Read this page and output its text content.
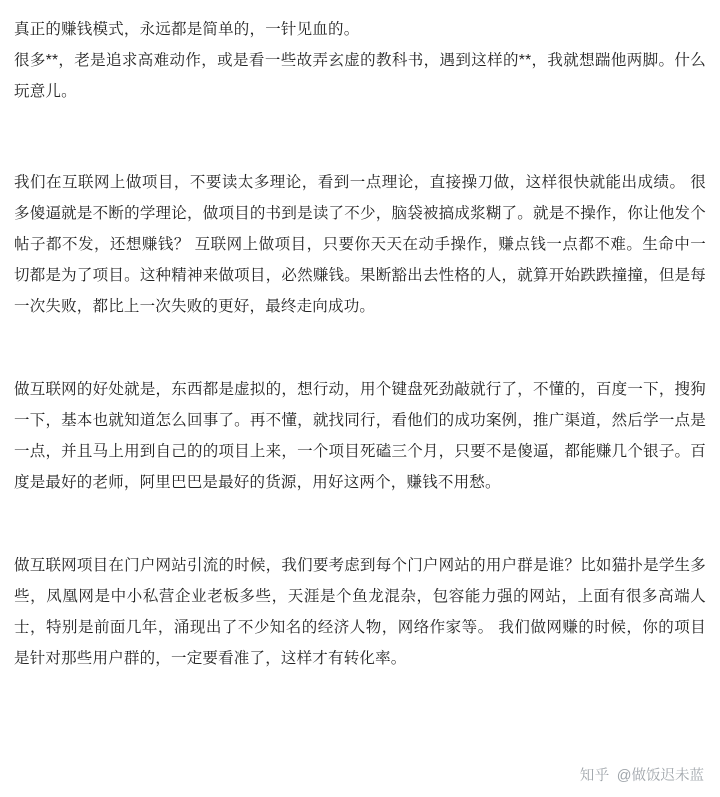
真正的赚钱模式，永远都是简单的，一针见血的。

很多**，老是追求高难动作，或是看一些故弄玄虚的教科书，遇到这样的**，我就想踹他两脚。什么玩意儿。

我们在互联网上做项目，不要读太多理论，看到一点理论，直接操刀做，这样很快就能出成绩。 很多傻逼就是不断的学理论，做项目的书到是读了不少，脑袋被搞成浆糊了。就是不操作，你让他发个帖子都不发，还想赚钱？ 互联网上做项目，只要你天天在动手操作，赚点钱一点都不难。生命中一切都是为了项目。这种精神来做项目，必然赚钱。果断豁出去性格的人，就算开始跌跌撞撞，但是每一次失败，都比上一次失败的更好，最终走向成功。

做互联网的好处就是，东西都是虚拟的，想行动，用个键盘死劲敲就行了，不懂的，百度一下，搜狗一下，基本也就知道怎么回事了。再不懂，就找同行，看他们的成功案例，推广渠道，然后学一点是一点，并且马上用到自己的的项目上来，一个项目死磕三个月，只要不是傻逼，都能赚几个银子。百度是最好的老师，阿里巴巴是最好的货源，用好这两个，赚钱不用愁。

做互联网项目在门户网站引流的时候，我们要考虑到每个门户网站的用户群是谁？比如猫扑是学生多些，凤凰网是中小私营企业老板多些，天涯是个鱼龙混杂，包容能力强的网站，上面有很多高端人士，特别是前面几年，涌现出了不少知名的经济人物，网络作家等。 我们做网赚的时候，你的项目是针对那些用户群的，一定要看准了，这样才有转化率。

知乎 @做饭迟未蓝
